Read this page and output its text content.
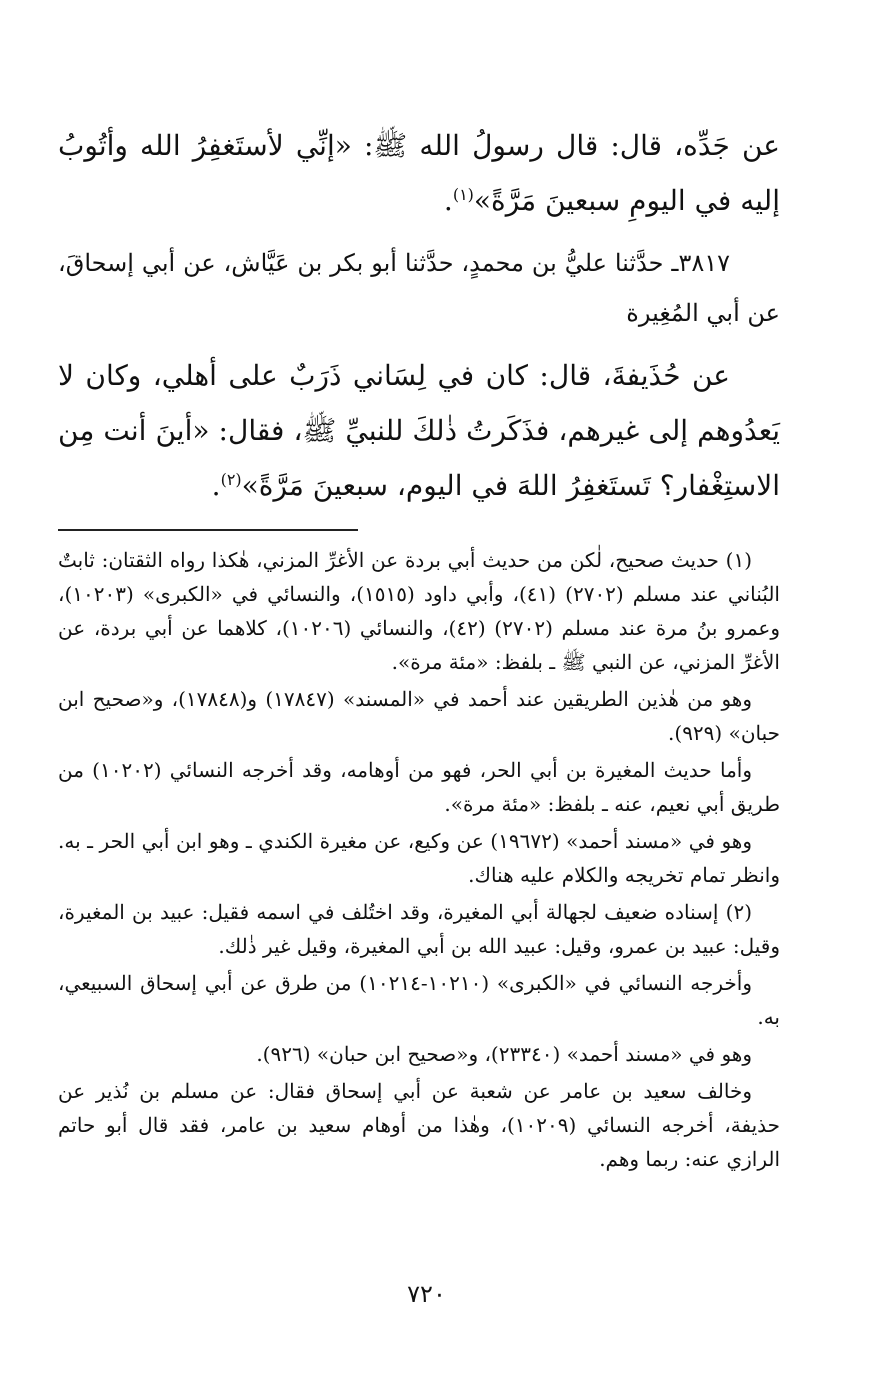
عن جَدِّه، قال: قال رسولُ الله ﷺ: «إنِّي لأستَغفِرُ الله وأتُوبُ إليه في اليومِ سبعينَ مَرَّةً»$^{(١)}$.

٣٨١٧ـ حدَّثنا عليُّ بن محمدٍ، حدَّثنا أبو بكر بن عَيَّاش، عن أبي إسحاقَ، عن أبي المُغِيرة

عن حُذَيفةَ، قال: كان في لِسَاني ذَرَبٌ على أهلي، وكان لا يَعدُوهم إلى غيرهم، فذَكَرتُ ذٰلكَ للنبيِّ ﷺ، فقال: «أينَ أنت مِن الاستِغْفار؟ تَستَغفِرُ اللهَ في اليوم، سبعينَ مَرَّةً»$^{(٢)}$.

(١) حديث صحيح، لٰكن من حديث أبي بردة عن الأغرِّ المزني، هٰكذا رواه الثقتان: ثابتٌ البُناني عند مسلم (٢٧٠٢) (٤١)، وأبي داود (١٥١٥)، والنسائي في «الكبرى» (١٠٢٠٣)، وعمرو بنُ مرة عند مسلم (٢٧٠٢) (٤٢)، والنسائي (١٠٢٠٦)، كلاهما عن أبي بردة، عن الأغرِّ المزني، عن النبي ﷺ ـ بلفظ: «مئة مرة».

وهو من هٰذين الطريقين عند أحمد في «المسند» (١٧٨٤٧) و(١٧٨٤٨)، و«صحيح ابن حبان» (٩٢٩).

وأما حديث المغيرة بن أبي الحر، فهو من أوهامه، وقد أخرجه النسائي (١٠٢٠٢) من طريق أبي نعيم، عنه ـ بلفظ: «مئة مرة».

وهو في «مسند أحمد» (١٩٦٧٢) عن وكيع، عن مغيرة الكندي ـ وهو ابن أبي الحر ـ به. وانظر تمام تخريجه والكلام عليه هناك.

(٢) إسناده ضعيف لجهالة أبي المغيرة، وقد اختُلف في اسمه فقيل: عبيد بن المغيرة، وقيل: عبيد بن عمرو، وقيل: عبيد الله بن أبي المغيرة، وقيل غير ذٰلك.

وأخرجه النسائي في «الكبرى» (١٠٢١٠-١٠٢١٤) من طرق عن أبي إسحاق السبيعي، به.

وهو في «مسند أحمد» (٢٣٣٤٠)، و«صحيح ابن حبان» (٩٢٦).

وخالف سعيد بن عامر عن شعبة عن أبي إسحاق فقال: عن مسلم بن نُذير عن حذيفة، أخرجه النسائي (١٠٢٠٩)، وهٰذا من أوهام سعيد بن عامر، فقد قال أبو حاتم الرازي عنه: ربما وهم.

٧٢٠
